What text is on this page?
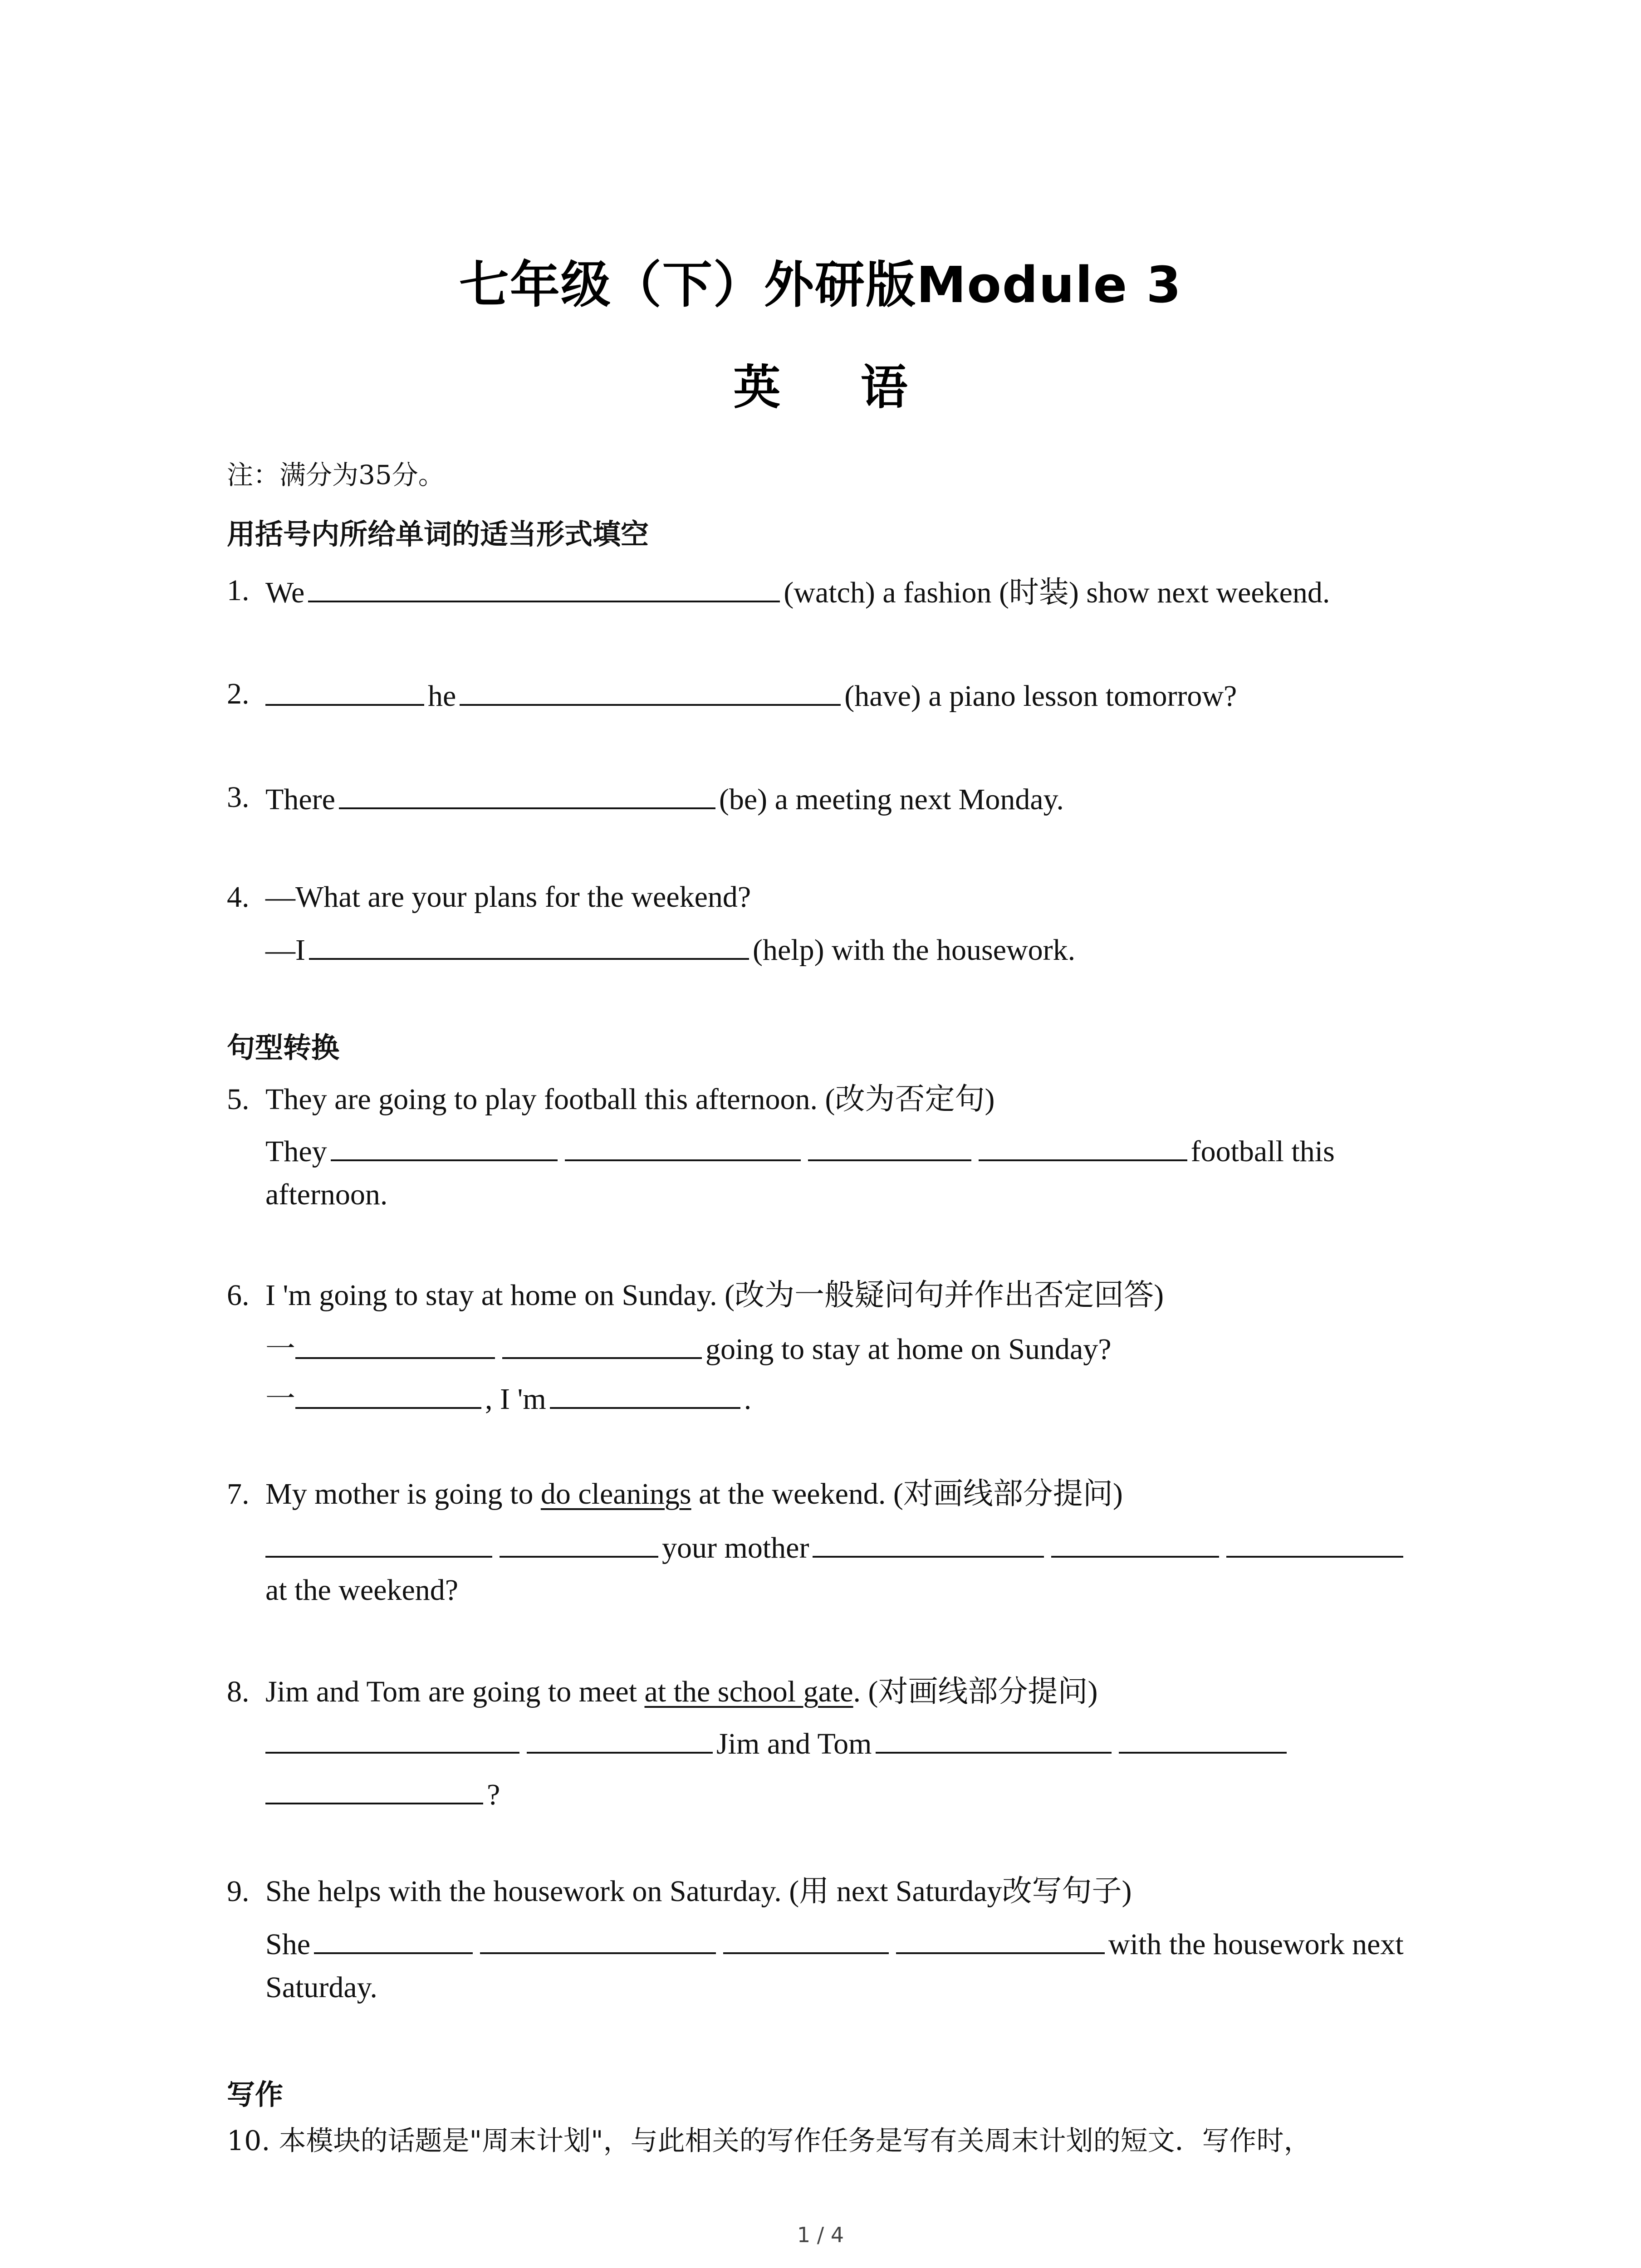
七年级（下）外研版Module 3
英 语
注：满分为35分。
用括号内所给单词的适当形式填空
1. We	(watch) a fashion (时装) show next weekend.
2.	he	(have) a piano lesson tomorrow?
3. There	(be) a meeting next Monday.
4. —What are your plans for the weekend?
—I	(help) with the housework.
句型转换
5. They are going to play football this afternoon. (改为否定句)
They	football this
afternoon.
6. I 'm going to stay at home on Sunday. (改为一般疑问句并作出否定回答)
一	going to stay at home on Sunday?
一	, I 'm	.
7. My mother is going to do cleanings at the weekend. (对画线部分提问)
your mother
at the weekend?
8. Jim and Tom are going to meet at the school gate. (对画线部分提问)
Jim and Tom
?
9. She helps with the housework on Saturday. (用 next Saturday改写句子)
She	with the housework next
Saturday.
写作
10. 本模块的话题是"周末计划"，与此相关的写作任务是写有关周末计划的短文．写作时，
1 / 4
